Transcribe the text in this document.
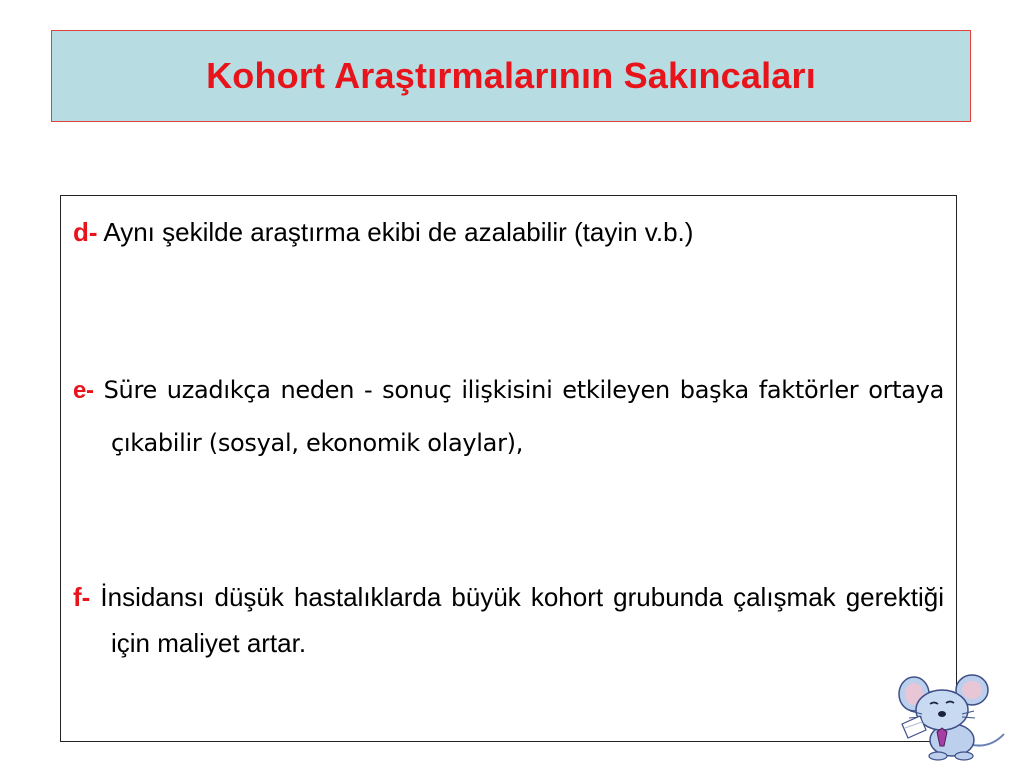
Kohort Araştırmalarının Sakıncaları
d- Aynı şekilde araştırma ekibi de azalabilir (tayin v.b.)
e- Süre uzadıkça neden - sonuç ilişkisini etkileyen başka faktörler ortaya çıkabilir (sosyal, ekonomik olaylar),
f- İnsidansı düşük hastalıklarda büyük kohort grubunda çalışmak gerektiği için maliyet artar.
